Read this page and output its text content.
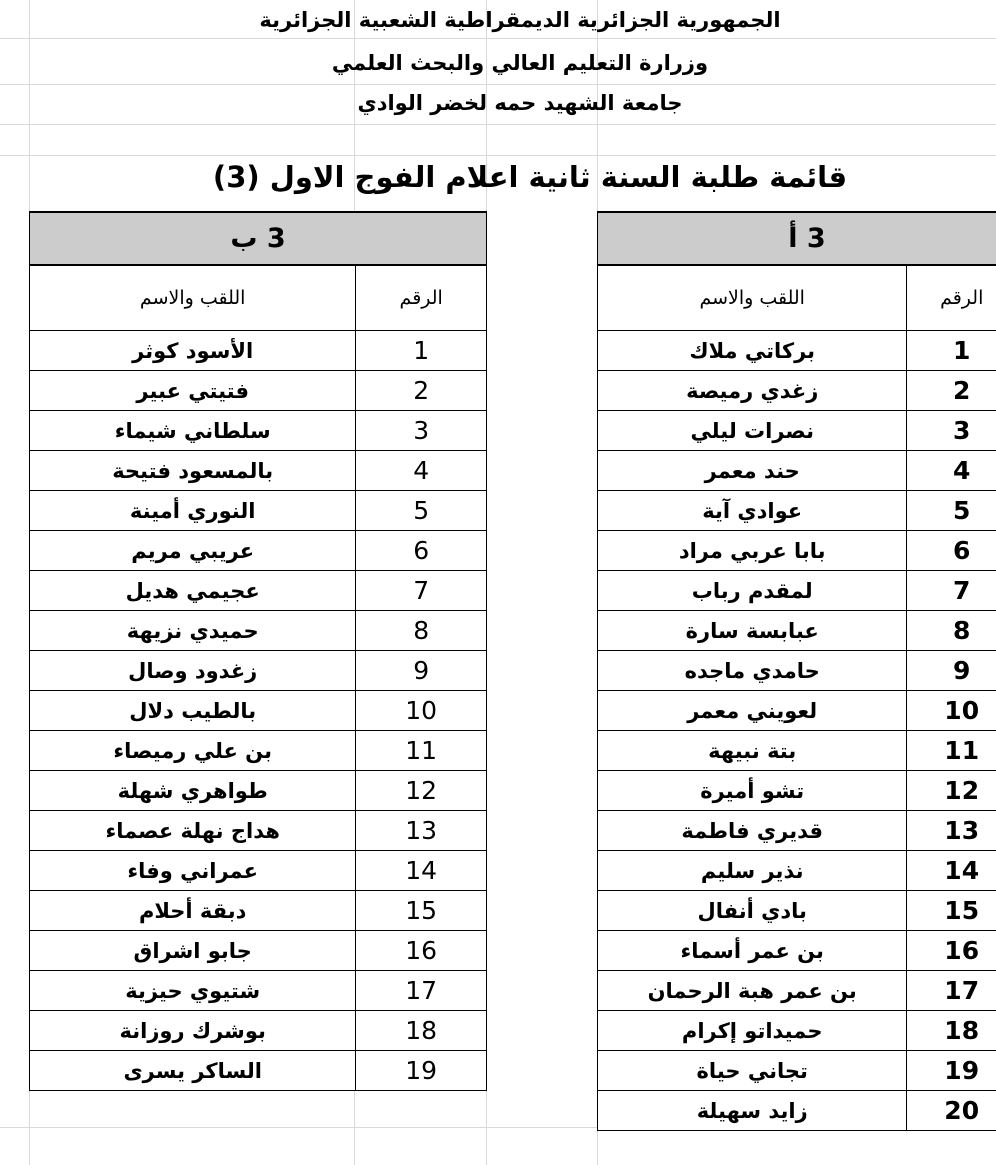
الجمهورية الجزائرية الديمقراطية الشعبية الجزائرية
وزرارة التعليم العالي والبحث العلمي
جامعة الشهيد حمه لخضر الوادي
قائمة طلبة السنة ثانية اعلام الفوج الاول (3)
3 ب	
الرقم	اللقب والاسم
1	الأسود كوثر
2	فتيتي عبير
3	سلطاني شيماء
4	بالمسعود فتيحة
5	النوري أمينة
6	عريبي مريم
7	عجيمي هديل
8	حميدي نزيهة
9	زغدود وصال
10	بالطيب دلال
11	بن علي رميصاء
12	طواهري شهلة
13	هداج نهلة عصماء
14	عمراني وفاء
15	دبقة أحلام
16	جابو اشراق
17	شتيوي حيزية
18	بوشرك روزانة
19	الساكر يسرى
3 أ	
الرقم	اللقب والاسم
1	بركاتي ملاك
2	زغدي رميصة
3	نصرات ليلي
4	حند معمر
5	عوادي آية
6	بابا عربي مراد
7	لمقدم رباب
8	عبابسة سارة
9	حامدي ماجده
10	لعويني معمر
11	بتة نبيهة
12	تشو أميرة
13	قديري فاطمة
14	نذير سليم
15	بادي أنفال
16	بن عمر أسماء
17	بن عمر هبة الرحمان
18	حميداتو إكرام
19	تجاني حياة
20	زايد سهيلة
